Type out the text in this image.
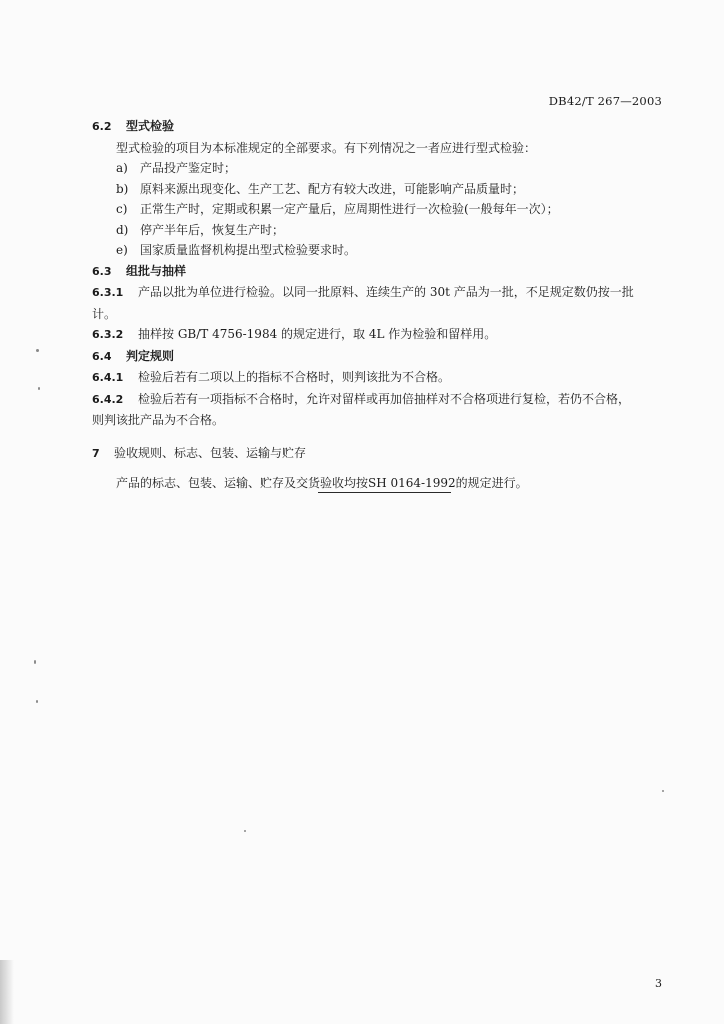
DB42/T 267—2003
6.2 型式检验
型式检验的项目为本标准规定的全部要求。有下列情况之一者应进行型式检验：
a) 产品投产鉴定时；
b) 原料来源出现变化、生产工艺、配方有较大改进，可能影响产品质量时；
c) 正常生产时，定期或积累一定产量后，应周期性进行一次检验(一般每年一次）；
d) 停产半年后，恢复生产时；
e) 国家质量监督机构提出型式检验要求时。
6.3 组批与抽样
6.3.1 产品以批为单位进行检验。以同一批原料、连续生产的 30t 产品为一批，不足规定数仍按一批
计。
6.3.2 抽样按 GB/T 4756-1984 的规定进行，取 4L 作为检验和留样用。
6.4 判定规则
6.4.1 检验后若有二项以上的指标不合格时，则判该批为不合格。
6.4.2 检验后若有一项指标不合格时，允许对留样或再加倍抽样对不合格项进行复检，若仍不合格，
则判该批产品为不合格。
7 验收规则、标志、包装、运输与贮存
产品的标志、包装、运输、贮存及交货验收均按SH 0164-1992的规定进行。
3
